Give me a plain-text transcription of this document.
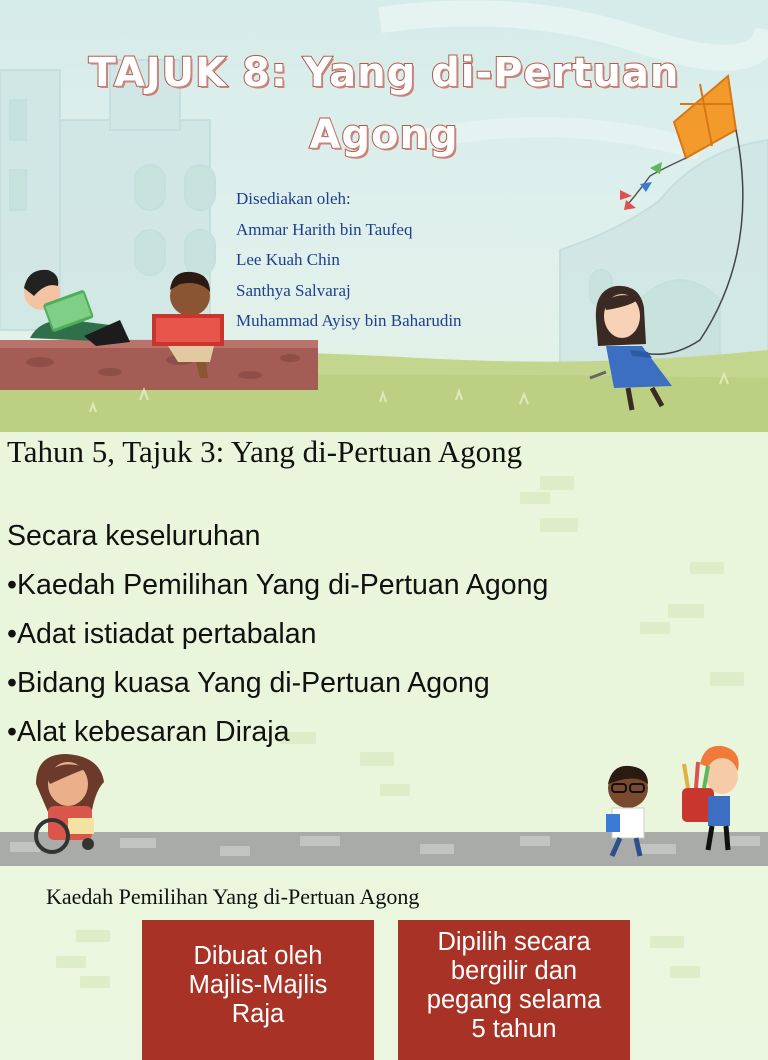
TAJUK 8: Yang di-Pertuan
Agong
Disediakan oleh:
Ammar Harith bin Taufeq
Lee Kuah Chin
Santhya Salvaraj
Muhammad Ayisy bin Baharudin
Tahun 5, Tajuk 3: Yang di-Pertuan Agong
Secara keseluruhan
•Kaedah Pemilihan Yang di-Pertuan Agong
•Adat istiadat pertabalan
•Bidang kuasa Yang di-Pertuan Agong
•Alat kebesaran Diraja
Kaedah Pemilihan Yang di-Pertuan Agong
Dibuat oleh
Majlis-Majlis
Raja
Dipilih secara
bergilir dan
pegang selama
5 tahun
